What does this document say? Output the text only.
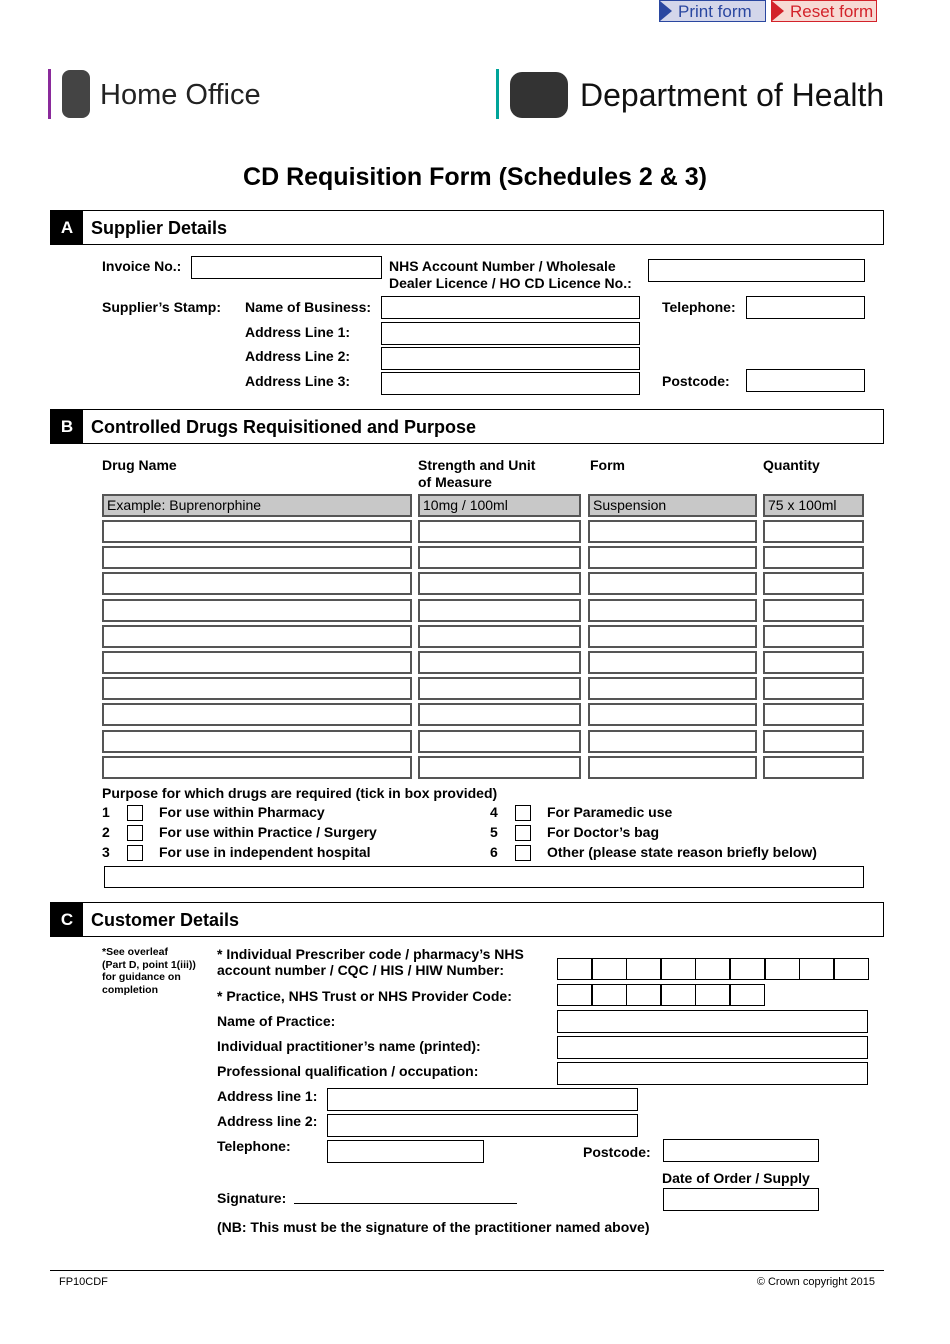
Print form	Reset form
Home Office	Department of Health
CD Requisition Form (Schedules 2 & 3)
A Supplier Details
Invoice No.:	NHS Account Number / Wholesale
Dealer Licence / HO CD Licence No.:
Supplier’s Stamp: Name of Business:
Address Line 1:
Address Line 2:
Address Line 3:
Telephone:
Postcode:
B Controlled Drugs Requisitioned and Purpose
Drug Name	Strength and Unit
of Measure
Form	Quantity
Example: Buprenorphine	10mg / 100ml	Suspension	75 x 100ml
Purpose for which drugs are required (tick in box provided)
1	For use within Pharmacy
2	For use within Practice / Surgery
3	For use in independent hospital
4	For Paramedic use
5	For Doctor’s bag
6	Other (please state reason briefly below)
C Customer Details
*See overleaf
(Part D, point 1(iii))
for guidance on
completion
* Individual Prescriber code / pharmacy’s NHS
account number / CQC / HIS / HIW Number:
* Practice, NHS Trust or NHS Provider Code:
Name of Practice:
Individual practitioner’s name (printed):
Professional qualification / occupation:
Address line 1:
Address line 2:
Telephone:	Postcode:
Date of Order / Supply
Signature:
(NB: This must be the signature of the practitioner named above)
FP10CDF	© Crown copyright 2015
